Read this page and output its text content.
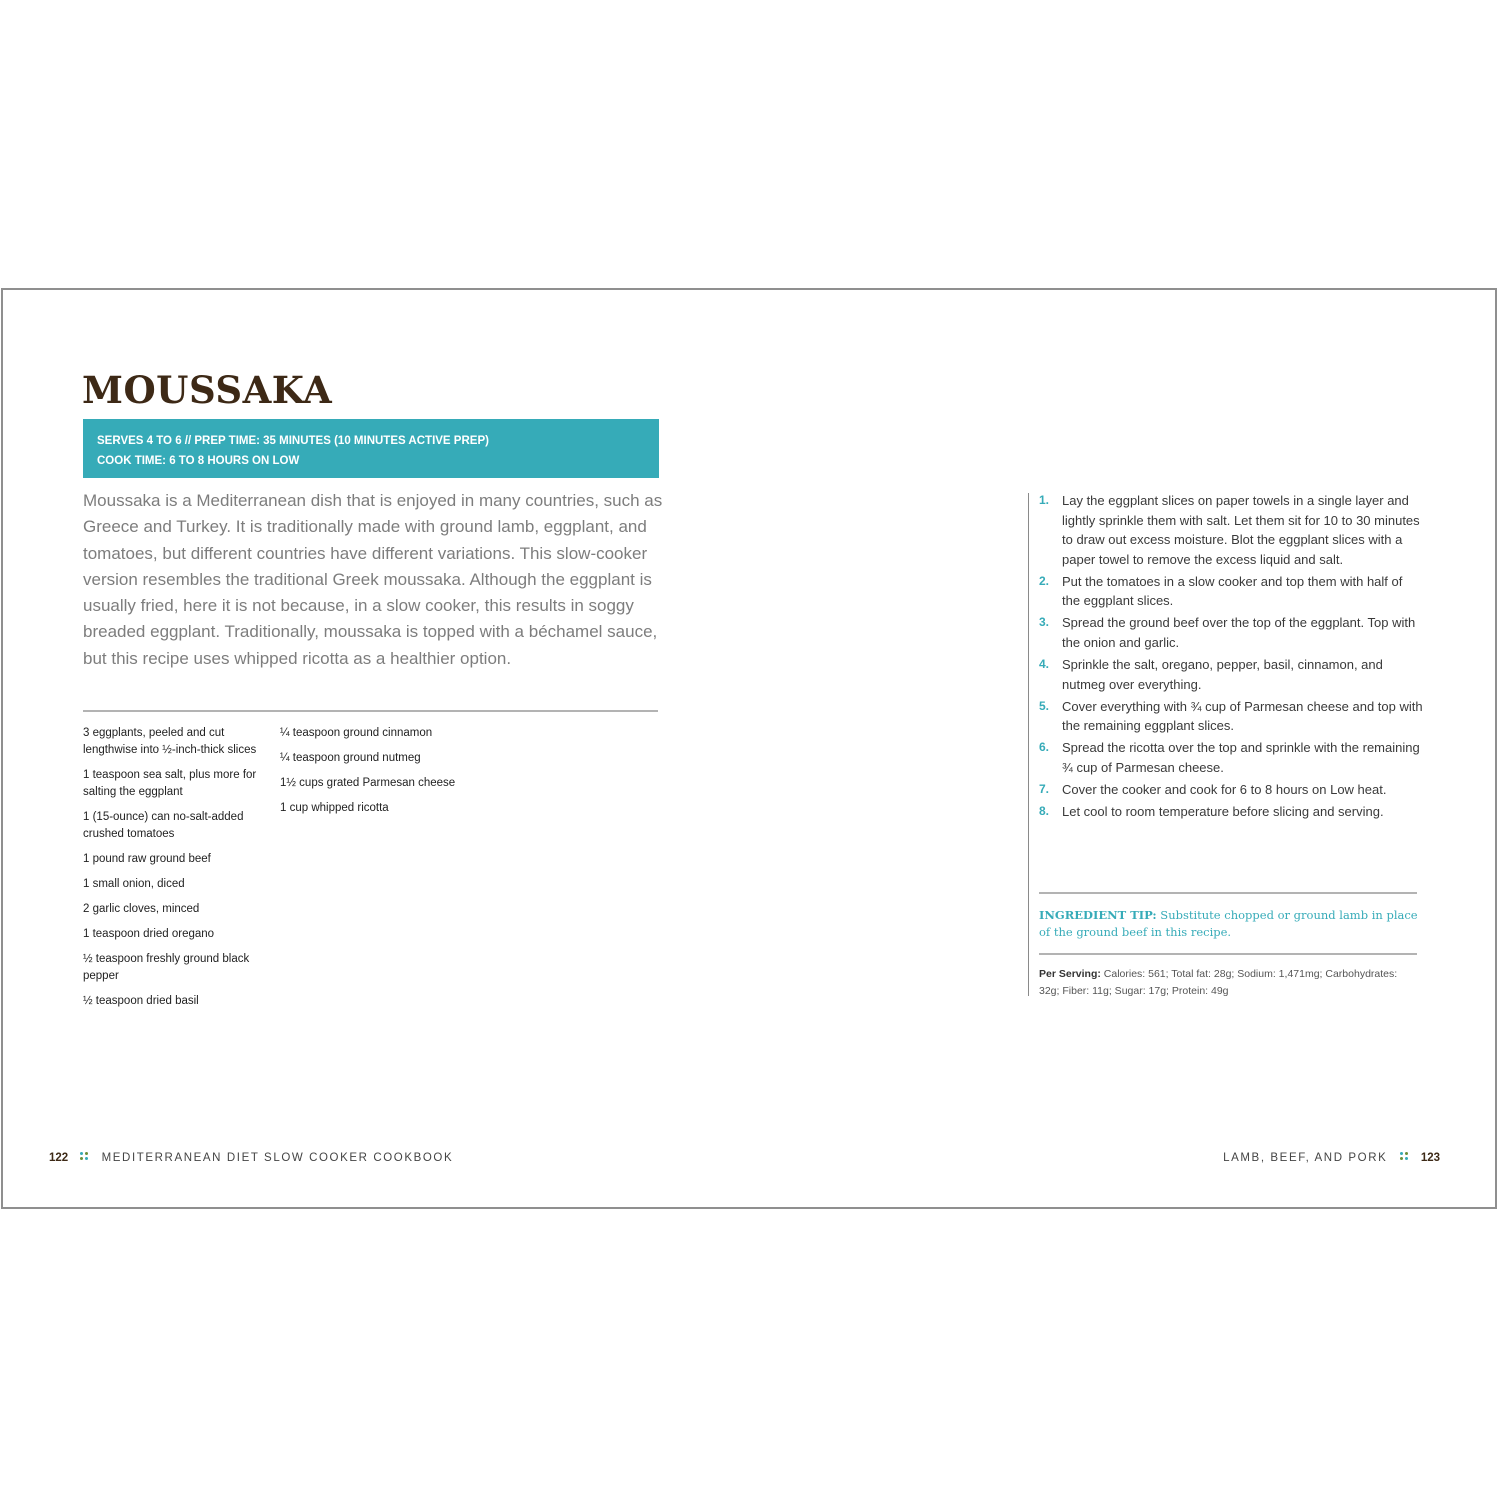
MOUSSAKA
SERVES 4 TO 6 // PREP TIME: 35 MINUTES (10 MINUTES ACTIVE PREP)
COOK TIME: 6 TO 8 HOURS ON LOW

Moussaka is a Mediterranean dish that is enjoyed in many countries, such as Greece and Turkey. It is traditionally made with ground lamb, eggplant, and tomatoes, but different countries have different variations. This slow-cooker version resembles the traditional Greek moussaka. Although the eggplant is usually fried, here it is not because, in a slow cooker, this results in soggy breaded eggplant. Traditionally, moussaka is topped with a béchamel sauce, but this recipe uses whipped ricotta as a healthier option.

3 eggplants, peeled and cut lengthwise into ½-inch-thick slices
1 teaspoon sea salt, plus more for salting the eggplant
1 (15-ounce) can no-salt-added crushed tomatoes
1 pound raw ground beef
1 small onion, diced
2 garlic cloves, minced
1 teaspoon dried oregano
½ teaspoon freshly ground black pepper
½ teaspoon dried basil
¼ teaspoon ground cinnamon
¼ teaspoon ground nutmeg
1½ cups grated Parmesan cheese
1 cup whipped ricotta
1. Lay the eggplant slices on paper towels in a single layer and lightly sprinkle them with salt. Let them sit for 10 to 30 minutes to draw out excess moisture. Blot the eggplant slices with a paper towel to remove the excess liquid and salt.
2. Put the tomatoes in a slow cooker and top them with half of the eggplant slices.
3. Spread the ground beef over the top of the eggplant. Top with the onion and garlic.
4. Sprinkle the salt, oregano, pepper, basil, cinnamon, and nutmeg over everything.
5. Cover everything with ¾ cup of Parmesan cheese and top with the remaining eggplant slices.
6. Spread the ricotta over the top and sprinkle with the remaining ¾ cup of Parmesan cheese.
7. Cover the cooker and cook for 6 to 8 hours on Low heat.
8. Let cool to room temperature before slicing and serving.

INGREDIENT TIP: Substitute chopped or ground lamb in place of the ground beef in this recipe.

Per Serving: Calories: 561; Total fat: 28g; Sodium: 1,471mg; Carbohydrates: 32g; Fiber: 11g; Sugar: 17g; Protein: 49g

122	MEDITERRANEAN DIET SLOW COOKER COOKBOOK	LAMB, BEEF, AND PORK	123
